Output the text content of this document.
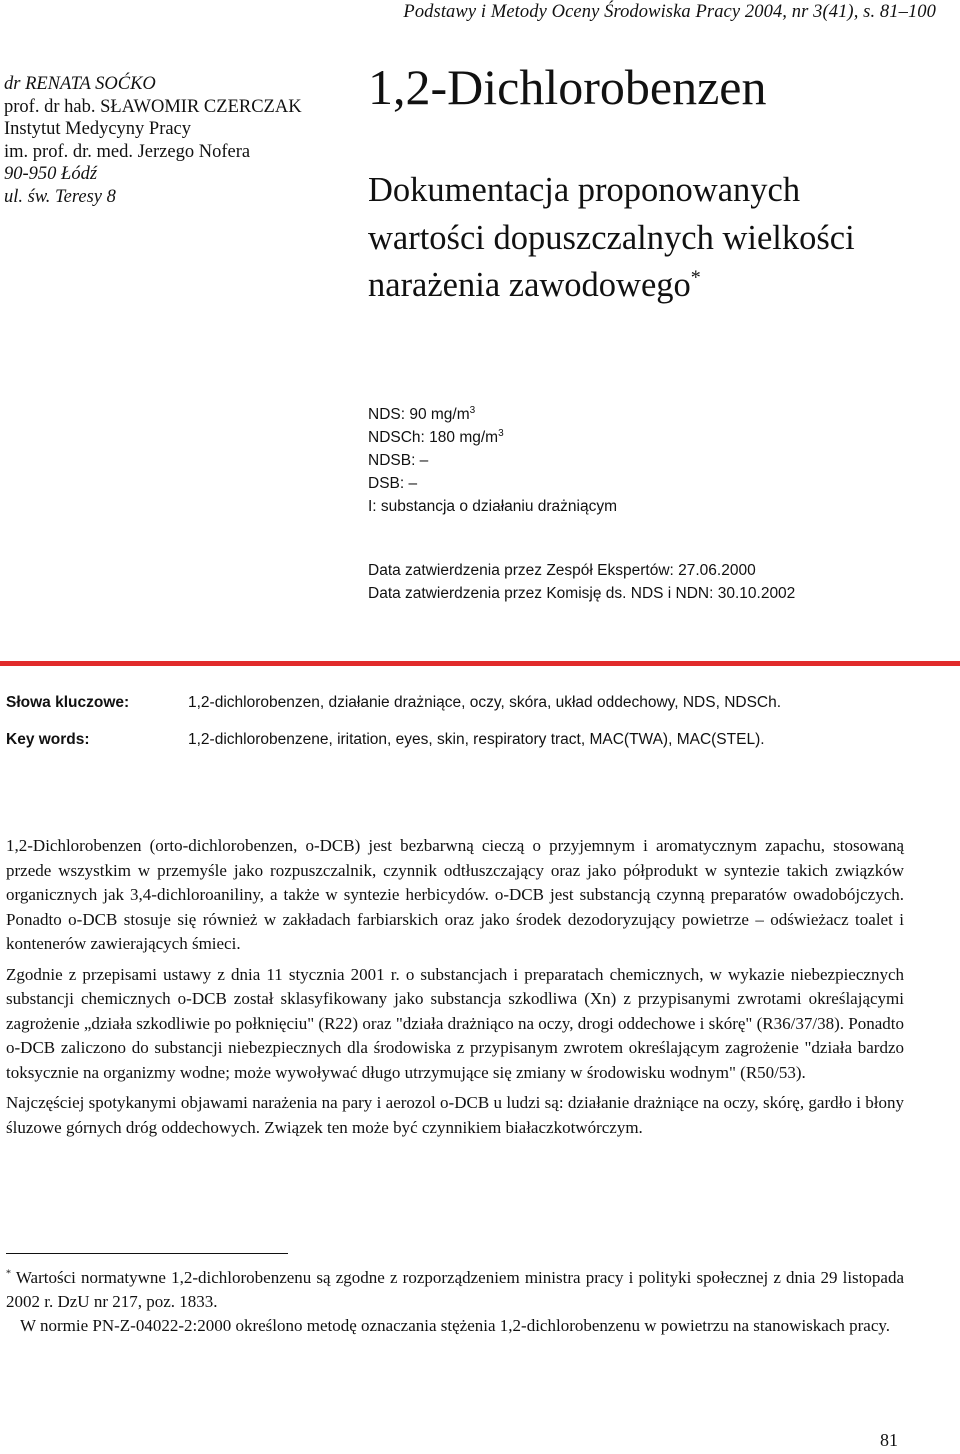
Podstawy i Metody Oceny Środowiska Pracy 2004, nr 3(41), s. 81–100
dr RENATA SOĆKO
prof. dr hab. SŁAWOMIR CZERCZAK
Instytut Medycyny Pracy
im. prof. dr. med. Jerzego Nofera
90-950 Łódź
ul. św. Teresy 8
1,2-Dichlorobenzen
Dokumentacja proponowanych
wartości dopuszczalnych wielkości
narażenia zawodowego*
NDS: 90 $mg/m^3$
NDSCh: 180 $mg/m^3$
NDSB: –
DSB: –
I: substancja o działaniu drażniącym
Data zatwierdzenia przez Zespół Ekspertów: 27.06.2000
Data zatwierdzenia przez Komisję ds. NDS i NDN: 30.10.2002
Słowa kluczowe:	1,2-dichlorobenzen, działanie drażniące, oczy, skóra, układ oddechowy, NDS, NDSCh.
Key words:	1,2-dichlorobenzene, iritation, eyes, skin, respiratory tract, MAC(TWA), MAC(STEL).

1,2-Dichlorobenzen (orto-dichlorobenzen, o-DCB) jest bezbarwną cieczą o przyjemnym i aromatycznym zapachu, stosowaną przede wszystkim w przemyśle jako rozpuszczalnik, czynnik odtłuszczający oraz jako półprodukt w syntezie takich związków organicznych jak 3,4-dichloroaniliny, a także w syntezie herbicydów. o-DCB jest substancją czynną preparatów owadobójczych. Ponadto o-DCB stosuje się również w zakładach farbiarskich oraz jako środek dezodoryzujący powietrze – odświeżacz toalet i kontenerów zawierających śmieci.

Zgodnie z przepisami ustawy z dnia 11 stycznia 2001 r. o substancjach i preparatach chemicznych, w wykazie niebezpiecznych substancji chemicznych o-DCB został sklasyfikowany jako substancja szkodliwa (Xn) z przypisanymi zwrotami określającymi zagrożenie „działa szkodliwie po połknięciu" (R22) oraz "działa drażniąco na oczy, drogi oddechowe i skórę" (R36/37/38). Ponadto o-DCB zaliczono do substancji niebezpiecznych dla środowiska z przypisanym zwrotem określającym zagrożenie "działa bardzo toksycznie na organizmy wodne; może wywoływać długo utrzymujące się zmiany w środowisku wodnym" (R50/53).

Najczęściej spotykanymi objawami narażenia na pary i aerozol o-DCB u ludzi są: działanie drażniące na oczy, skórę, gardło i błony śluzowe górnych dróg oddechowych. Związek ten może być czynnikiem białaczkotwórczym.

* Wartości normatywne 1,2-dichlorobenzenu są zgodne z rozporządzeniem ministra pracy i polityki społecznej z dnia 29 listopada 2002 r. DzU nr 217, poz. 1833.

W normie PN-Z-04022-2:2000 określono metodę oznaczania stężenia 1,2-dichlorobenzenu w powietrzu na stanowiskach pracy.

81
